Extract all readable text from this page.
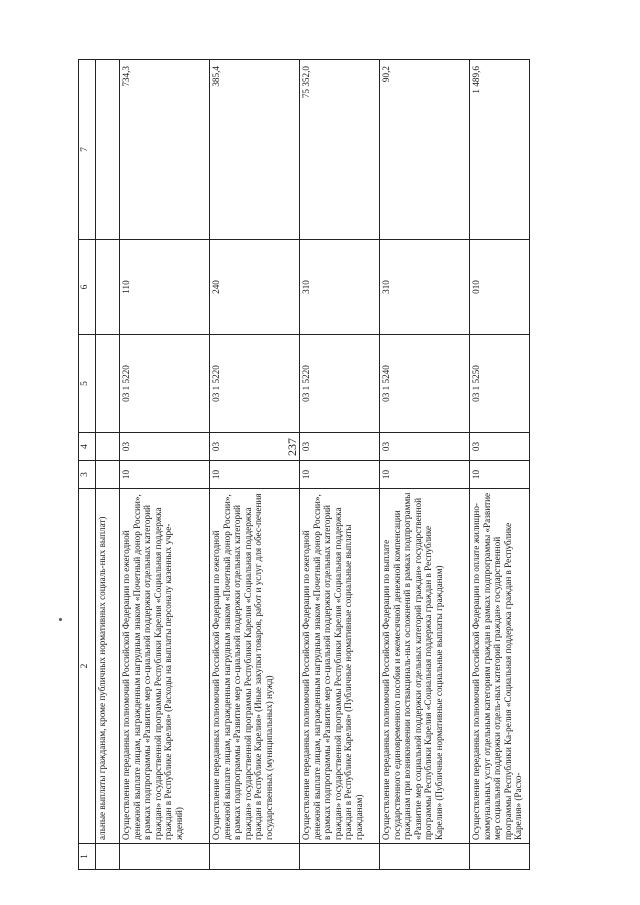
237
1	2	3	4	5	6	7
	альные выплаты гражданам, кроме публичных нормативных социаль-ных выплат)					
	Осуществление переданных полномочий Российской Федерации по ежегодной денежной выплате лицам, награжденным нагрудным знаком «Почетный донор России», в рамках подпрограммы «Развитие мер со-циальной поддержки отдельных категорий граждан» государственной программы Республики Карелия «Социальная поддержка граждан в Республике Карелия» (Расходы на выплаты персоналу казенных учре-ждений)	10	03	03 1 5220	110	734,3
	Осуществление переданных полномочий Российской Федерации по ежегодной денежной выплате лицам, награжденным нагрудным знаком «Почетный донор России», в рамках подпрограммы «Развитие мер со-циальной поддержки отдельных категорий граждан» государственной программы Республики Карелия «Социальная поддержка граждан в Республике Карелия» (Иные закупки товаров, работ и услуг для обес-печения государственных (муниципальных) нужд)	10	03	03 1 5220	240	385,4
	Осуществление переданных полномочий Российской Федерации по ежегодной денежной выплате лицам, награжденным нагрудным знаком «Почетный донор России», в рамках подпрограммы «Развитие мер со-циальной поддержки отдельных категорий граждан» государственной программы Республики Карелия «Социальная поддержка граждан в Республике Карелия» (Публичные нормативные социальные выплаты гражданам)	10	03	03 1 5220	310	75 352,0
	Осуществление переданных полномочий Российской Федерации по выплате государственного единовременного пособия и ежемесячной денежной компенсации гражданам при возникновении поствакциналь-ных осложнений в рамках подпрограммы «Развитие мер социальной поддержки отдельных категорий граждан» государственной программы Республики Карелия «Социальная поддержка граждан в Республике Карелия» (Публичные нормативные социальные выплаты гражданам)	10	03	03 1 5240	310	90,2
	Осуществление переданных полномочий Российской Федерации по оплате жилищно-коммунальных услуг отдельным категориям граждан в рамках подпрограммы «Развитие мер социальной поддержки отдель-ных категорий граждан» государственной программы Республики Ка-релия «Социальная поддержка граждан в Республике Карелия» (Расхо-	10	03	03 1 5250	010	1 489,6
